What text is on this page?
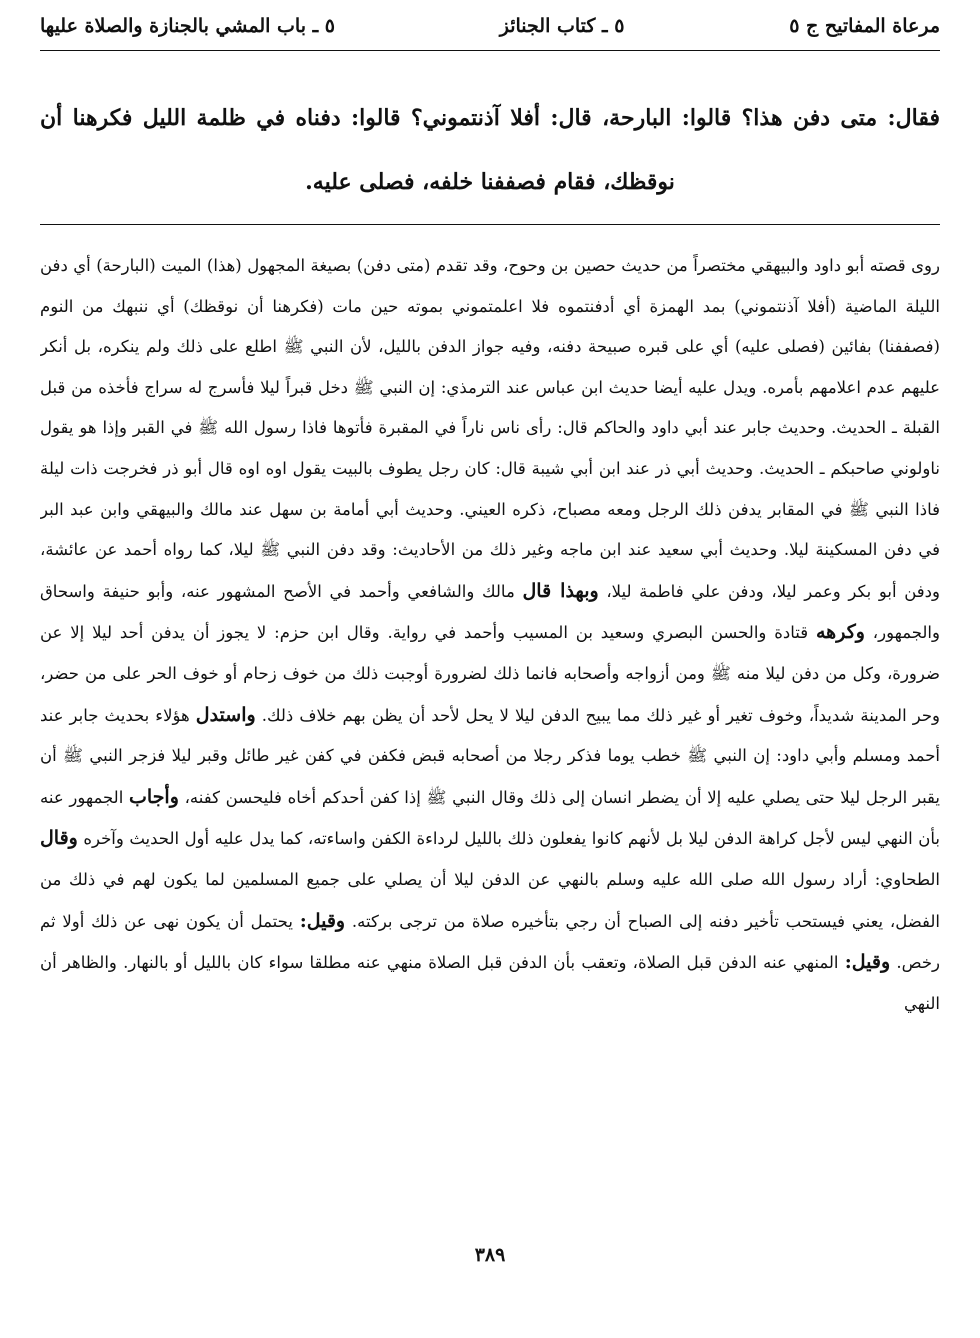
مرعاة المفاتيح ج ٥
٥ ـ كتاب الجنائز
٥ ـ باب المشي بالجنازة والصلاة عليها
فقال: متى دفن هذا؟ قالوا: البارحة، قال: أفلا آذنتموني؟ قالوا: دفناه في ظلمة الليل فكرهنا أن نوقظك، فقام فصففنا خلفه، فصلى عليه.

روى قصته أبو داود والبيهقي مختصراً من حديث حصين بن وحوح، وقد تقدم (متى دفن) بصيغة المجهول (هذا) الميت (البارحة) أي دفن الليلة الماضية (أفلا آذنتموني) بمد الهمزة أي أدفنتموه فلا اعلمتموني بموته حين مات (فكرهنا أن نوقظك) أي ننبهك من النوم (فصففنا) بفائين (فصلى عليه) أي على قبره صبيحة دفنه، وفيه جواز الدفن بالليل، لأن النبي ﷺ اطلع على ذلك ولم ينكره، بل أنكر عليهم عدم اعلامهم بأمره. ويدل عليه أيضا حديث ابن عباس عند الترمذي: إن النبي ﷺ دخل قبراً ليلا فأسرج له سراج فأخذه من قبل القبلة ـ الحديث. وحديث جابر عند أبي داود والحاكم قال: رأى ناس ناراً في المقبرة فأتوها فاذا رسول الله ﷺ في القبر وإذا هو يقول ناولوني صاحبكم ـ الحديث. وحديث أبي ذر عند ابن أبي شيبة قال: كان رجل يطوف بالبيت يقول اوه اوه قال أبو ذر فخرجت ذات ليلة فاذا النبي ﷺ في المقابر يدفن ذلك الرجل ومعه مصباح، ذكره العيني. وحديث أبي أمامة بن سهل عند مالك والبيهقي وابن عبد البر في دفن المسكينة ليلا. وحديث أبي سعيد عند ابن ماجه وغير ذلك من الأحاديث: وقد دفن النبي ﷺ ليلا، كما رواه أحمد عن عائشة، ودفن أبو بكر وعمر ليلا، ودفن علي فاطمة ليلا، وبهذا قال مالك والشافعي وأحمد في الأصح المشهور عنه، وأبو حنيفة واسحاق والجمهور، وكرهه قتادة والحسن البصري وسعيد بن المسيب وأحمد في رواية. وقال ابن حزم: لا يجوز أن يدفن أحد ليلا إلا عن ضرورة، وكل من دفن ليلا منه ﷺ ومن أزواجه وأصحابه فانما ذلك لضرورة أوجبت ذلك من خوف زحام أو خوف الحر على من حضر، وحر المدينة شديداً، وخوف تغير أو غير ذلك مما يبيح الدفن ليلا لا يحل لأحد أن يظن بهم خلاف ذلك. واستدل هؤلاء بحديث جابر عند أحمد ومسلم وأبي داود: إن النبي ﷺ خطب يوما فذكر رجلا من أصحابه قبض فكفن في كفن غير طائل وقبر ليلا فزجر النبي ﷺ أن يقبر الرجل ليلا حتى يصلي عليه إلا أن يضطر انسان إلى ذلك وقال النبي ﷺ إذا كفن أحدكم أخاه فليحسن كفنه، وأجاب الجمهور عنه بأن النهي ليس لأجل كراهة الدفن ليلا بل لأنهم كانوا يفعلون ذلك بالليل لرداءة الكفن واساءته، كما يدل عليه أول الحديث وآخره وقال الطحاوي: أراد رسول الله صلى الله عليه وسلم بالنهي عن الدفن ليلا أن يصلي على جميع المسلمين لما يكون لهم في ذلك من الفضل، يعني فيستحب تأخير دفنه إلى الصباح أن رجي بتأخيره صلاة من ترجى بركته. وقيل: يحتمل أن يكون نهى عن ذلك أولا ثم رخص. وقيل: المنهي عنه الدفن قبل الصلاة، وتعقب بأن الدفن قبل الصلاة منهي عنه مطلقا سواء كان بالليل أو بالنهار. والظاهر أن النهي

٣٨٩
